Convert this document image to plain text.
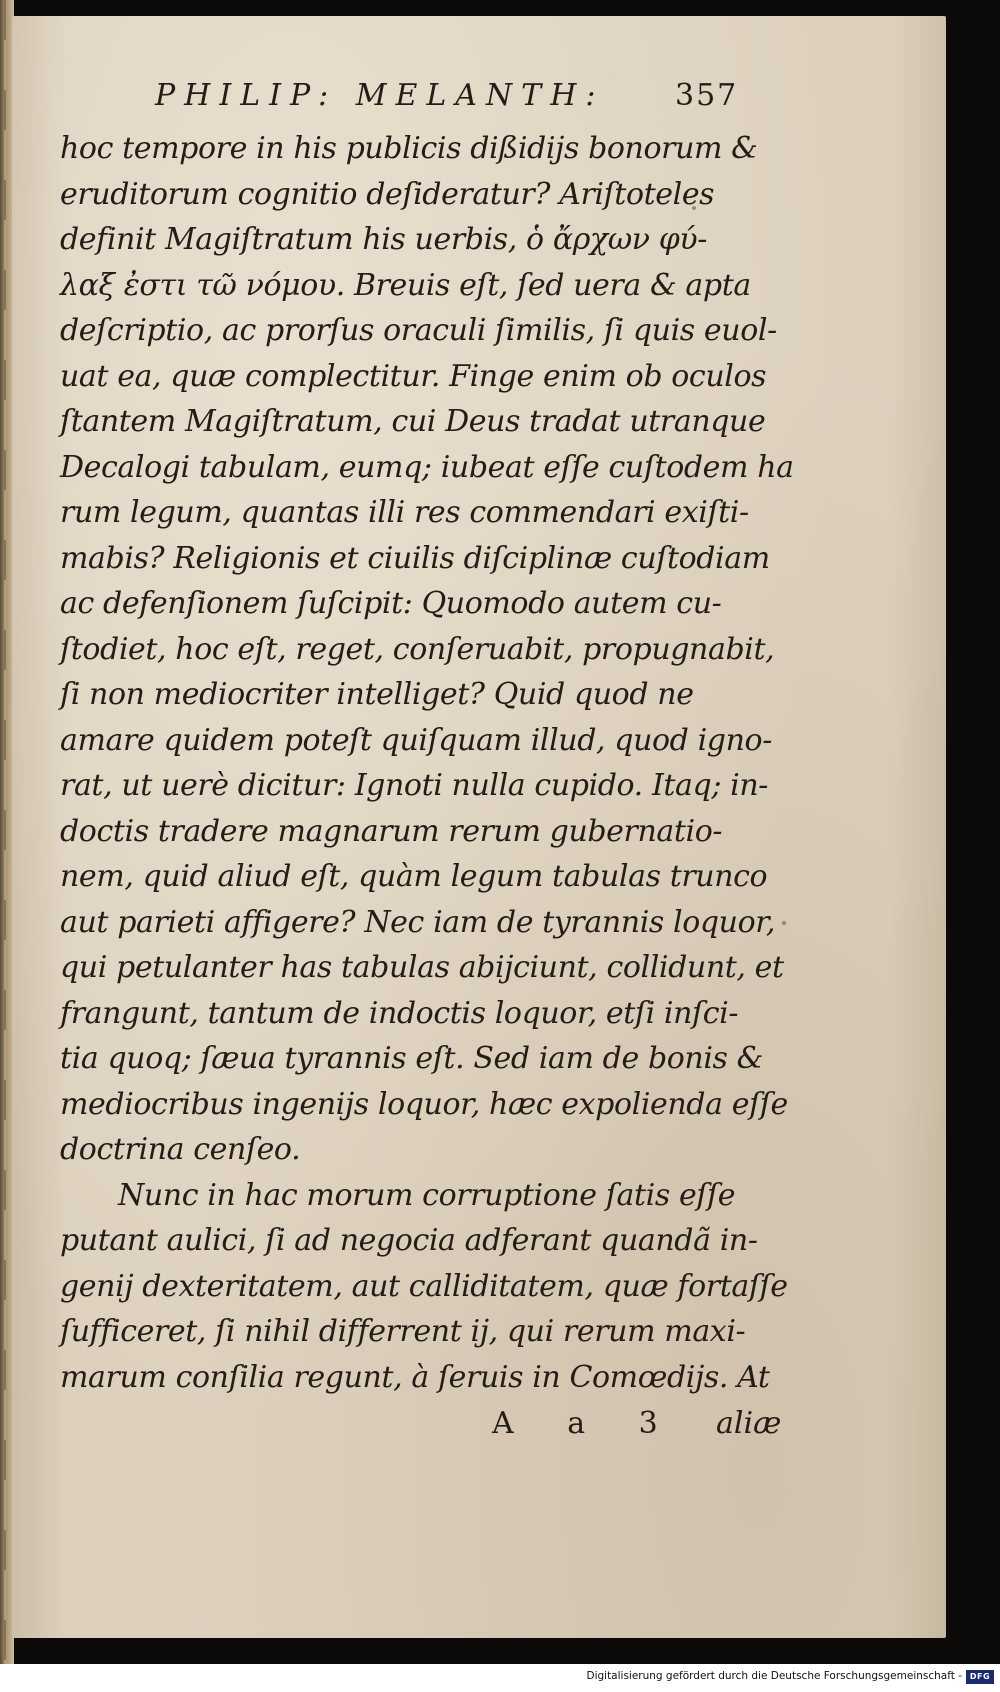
PHILIP: MELANTH: 357
hoc tempore in his publicis dißidijs bonorum &
eruditorum cognitio deſideratur? Ariſtoteles
definit Magiſtratum his uerbis, ὁ ἄρχων φύ-
λαξ ἐστι τῶ νόμου. Breuis eſt, ſed uera & apta
deſcriptio, ac prorſus oraculi ſimilis, ſi quis euol-
uat ea, quæ complectitur. Finge enim ob oculos
ſtantem Magiſtratum, cui Deus tradat utranque
Decalogi tabulam, eumq; iubeat eſſe cuſtodem ha
rum legum, quantas illi res commendari exiſti-
mabis? Religionis et ciuilis diſciplinæ cuſtodiam
ac defenſionem ſuſcipit: Quomodo autem cu-
ſtodiet, hoc eſt, reget, conſeruabit, propugnabit,
ſi non mediocriter intelliget? Quid quod ne
amare quidem poteſt quiſquam illud, quod igno-
rat, ut uerè dicitur: Ignoti nulla cupido. Itaq; in-
doctis tradere magnarum rerum gubernatio-
nem, quid aliud eſt, quàm legum tabulas trunco
aut parieti affigere? Nec iam de tyrannis loquor,
qui petulanter has tabulas abijciunt, collidunt, et
frangunt, tantum de indoctis loquor, etſi inſci-
tia quoq; ſæua tyrannis eſt. Sed iam de bonis &
mediocribus ingenijs loquor, hæc expolienda eſſe
doctrina cenſeo.
Nunc in hac morum corruptione ſatis eſſe
putant aulici, ſi ad negocia adferant quandã in-
genij dexteritatem, aut calliditatem, quæ fortaſſe
ſufficeret, ſi nihil differrent ij, qui rerum maxi-
marum conſilia regunt, à ſeruis in Comœdijs. At
A a 3 aliæ
Digitalisierung gefördert durch die Deutsche Forschungsgemeinschaft - DFG
